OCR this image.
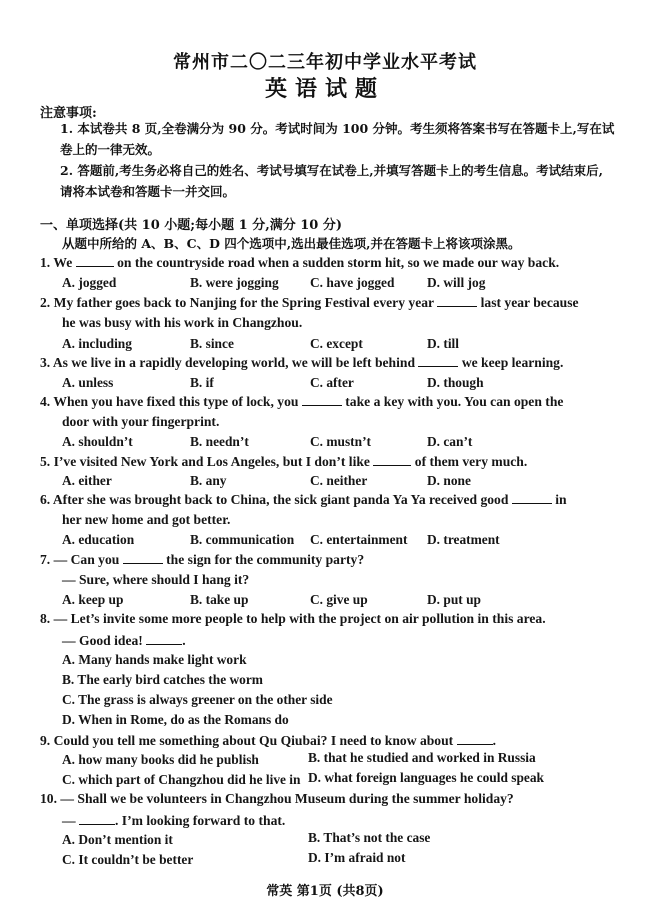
常州市二〇二三年初中学业水平考试
英语试题
注意事项:
1. 本试卷共 8 页,全卷满分为 90 分。考试时间为 100 分钟。考生须将答案书写在答题卡上,写在试卷上的一律无效。
2. 答题前,考生务必将自己的姓名、考试号填写在试卷上,并填写答题卡上的考生信息。考试结束后,请将本试卷和答题卡一并交回。
一、单项选择(共 10 小题;每小题 1 分,满分 10 分)
从题中所给的 A、B、C、D 四个选项中,选出最佳选项,并在答题卡上将该项涂黑。
1. We	on the countryside road when a sudden storm hit, so we made our way back.
A. jogged	B. were jogging C. have jogged D. will jog
2. My father goes back to Nanjing for the Spring Festival every year	last year because
he was busy with his work in Changzhou.
A. including	B. since	C. except	D. till
3. As we live in a rapidly developing world, we will be left behind	we keep learning.
A. unless	B. if	C. after	D. though
4. When you have fixed this type of lock, you	take a key with you. You can open the
door with your fingerprint.
A. shouldn’t	B. needn’t	C. mustn’t	D. can’t
5. I’ve visited New York and Los Angeles, but I don’t like	of them very much.
A. either	B. any	C. neither	D. none
6. After she was brought back to China, the sick giant panda Ya Ya received good	in
her new home and got better.
A. education	B. communication C. entertainment D. treatment
7. — Can you	the sign for the community party?
— Sure, where should I hang it?
A. keep up	B. take up	C. give up	D. put up
8. — Let’s invite some more people to help with the project on air pollution in this area.
— Good idea!	.
A. Many hands make light work
B. The early bird catches the worm
C. The grass is always greener on the other side
D. When in Rome, do as the Romans do
9. Could you tell me something about Qu Qiubai? I need to know about	.
A. how many books did he publish	B. that he studied and worked in Russia
C. which part of Changzhou did he live in D. what foreign languages he could speak
10. — Shall we be volunteers in Changzhou Museum during the summer holiday?
—	. I’m looking forward to that.
A. Don’t mention it	B. That’s not the case
C. It couldn’t be better	D. I’m afraid not
常英 第1页 (共8页)
